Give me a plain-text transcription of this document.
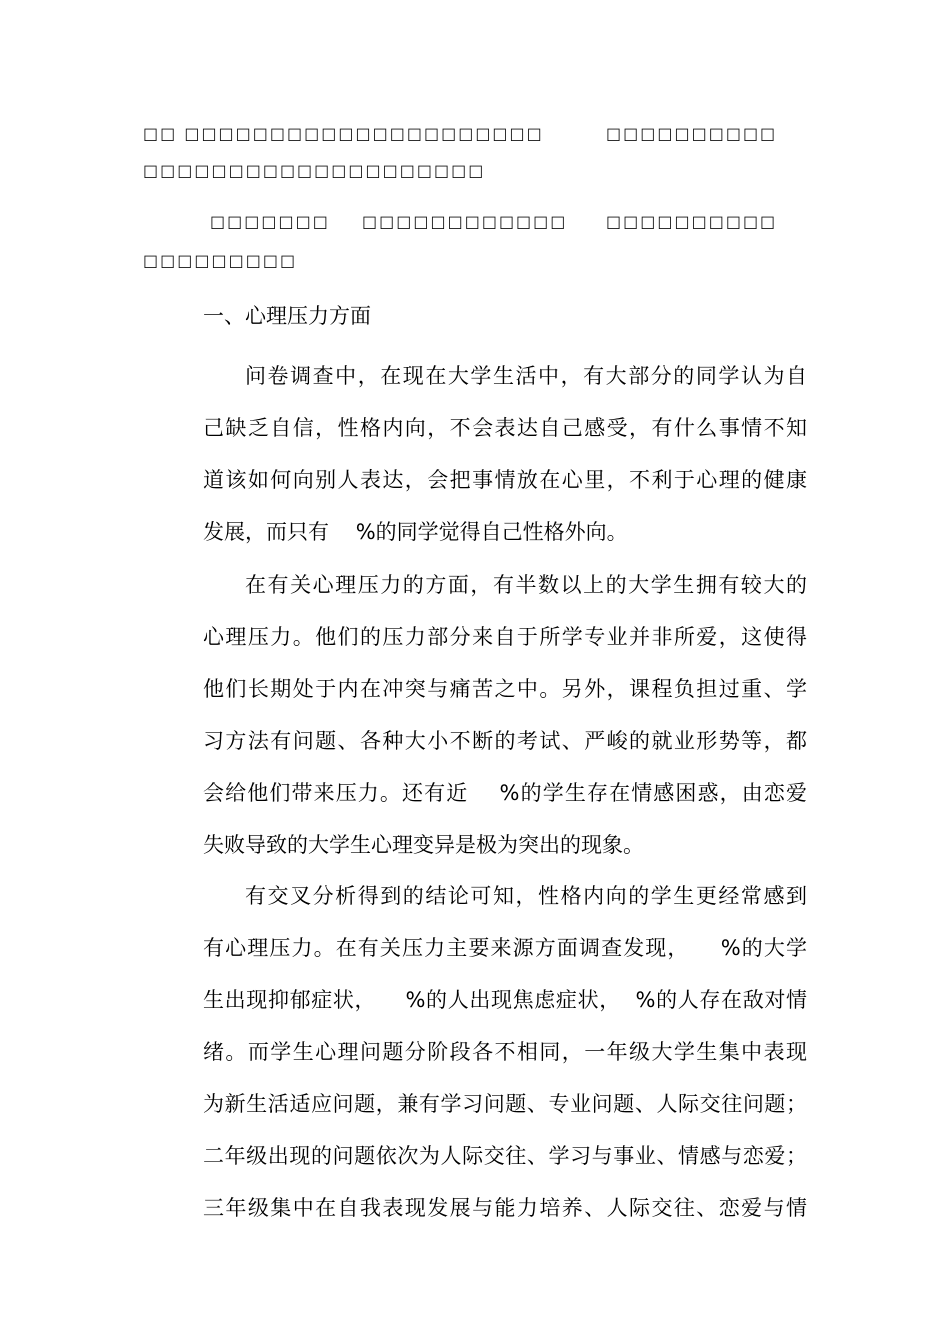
□□ □□□□□□□□□□□□□□□□□□□□□	□□□□□□□□□□
□□□□□□□□□□□□□□□□□□□□
□□□□□□□ □□□□□□□□□□□□ □□□□□□□□□□
□□□□□□□□□
一、心理压力方面
问卷调查中，在现在大学生活中，有大部分的同学认为自
己缺乏自信，性格内向，不会表达自己感受，有什么事情不知
道该如何向别人表达，会把事情放在心里，不利于心理的健康
发展，而只有    %的同学觉得自己性格外向。
在有关心理压力的方面，有半数以上的大学生拥有较大的
心理压力。他们的压力部分来自于所学专业并非所爱，这使得
他们长期处于内在冲突与痛苦之中。另外，课程负担过重、学
习方法有问题、各种大小不断的考试、严峻的就业形势等，都
会给他们带来压力。还有近    %的学生存在情感困惑，由恋爱
失败导致的大学生心理变异是极为突出的现象。
有交叉分析得到的结论可知，性格内向的学生更经常感到
有心理压力。在有关压力主要来源方面调查发现，    %的大学
生出现抑郁症状，    %的人出现焦虑症状，  %的人存在敌对情
绪。而学生心理问题分阶段各不相同，一年级大学生集中表现
为新生活适应问题，兼有学习问题、专业问题、人际交往问题；
二年级出现的问题依次为人际交往、学习与事业、情感与恋爱；
三年级集中在自我表现发展与能力培养、人际交往、恋爱与情
